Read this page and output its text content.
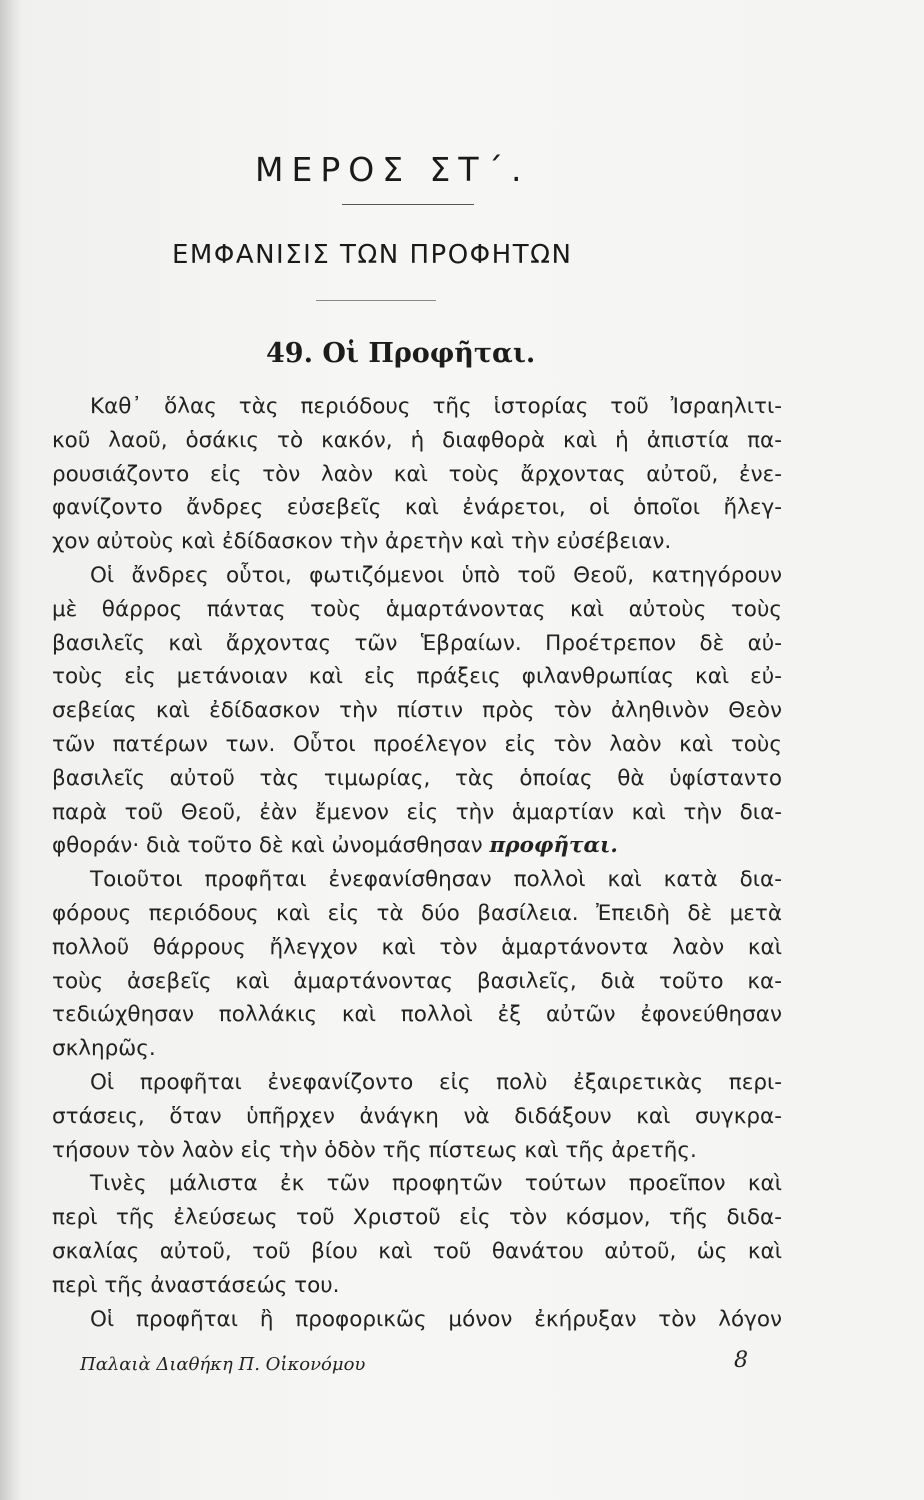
ΜΕΡΟΣ ΣΤ΄.
ΕΜΦΑΝΙΣΙΣ ΤΩΝ ΠΡΟΦΗΤΩΝ
49. Οἱ Προφῆται.
Καθ᾿ ὅλας τὰς περιόδους τῆς ἱστορίας τοῦ Ἰσραηλιτι-
κοῦ λαοῦ, ὁσάκις τὸ κακόν, ἡ διαφθορὰ καὶ ἡ ἀπιστία πα-
ρουσιάζοντο εἰς τὸν λαὸν καὶ τοὺς ἄρχοντας αὐτοῦ, ἐνε-
φανίζοντο ἄνδρες εὐσεβεῖς καὶ ἐνάρετοι, οἱ ὁποῖοι ἤλεγ-
χον αὐτοὺς καὶ ἐδίδασκον τὴν ἀρετὴν καὶ τὴν εὐσέβειαν.
Οἱ ἄνδρες οὗτοι, φωτιζόμενοι ὑπὸ τοῦ Θεοῦ, κατηγόρουν
μὲ θάρρος πάντας τοὺς ἁμαρτάνοντας καὶ αὐτοὺς τοὺς
βασιλεῖς καὶ ἄρχοντας τῶν Ἑβραίων. Προέτρεπον δὲ αὐ-
τοὺς εἰς μετάνοιαν καὶ εἰς πράξεις φιλανθρωπίας καὶ εὐ-
σεβείας καὶ ἐδίδασκον τὴν πίστιν πρὸς τὸν ἀληθινὸν Θεὸν
τῶν πατέρων των. Οὗτοι προέλεγον εἰς τὸν λαὸν καὶ τοὺς
βασιλεῖς αὐτοῦ τὰς τιμωρίας, τὰς ὁποίας θὰ ὑφίσταντο
παρὰ τοῦ Θεοῦ, ἐὰν ἔμενον εἰς τὴν ἁμαρτίαν καὶ τὴν δια-
φθοράν· διὰ τοῦτο δὲ καὶ ὠνομάσθησαν προφῆται.
Τοιοῦτοι προφῆται ἐνεφανίσθησαν πολλοὶ καὶ κατὰ δια-
φόρους περιόδους καὶ εἰς τὰ δύο βασίλεια. Ἐπειδὴ δὲ μετὰ
πολλοῦ θάρρους ἤλεγχον καὶ τὸν ἁμαρτάνοντα λαὸν καὶ
τοὺς ἀσεβεῖς καὶ ἁμαρτάνοντας βασιλεῖς, διὰ τοῦτο κα-
τεδιώχθησαν πολλάκις καὶ πολλοὶ ἐξ αὐτῶν ἐφονεύθησαν
σκληρῶς.
Οἱ προφῆται ἐνεφανίζοντο εἰς πολὺ ἐξαιρετικὰς περι-
στάσεις, ὅταν ὑπῆρχεν ἀνάγκη νὰ διδάξουν καὶ συγκρα-
τήσουν τὸν λαὸν εἰς τὴν ὁδὸν τῆς πίστεως καὶ τῆς ἀρετῆς.
Τινὲς μάλιστα ἐκ τῶν προφητῶν τούτων προεῖπον καὶ
περὶ τῆς ἐλεύσεως τοῦ Χριστοῦ εἰς τὸν κόσμον, τῆς διδα-
σκαλίας αὐτοῦ, τοῦ βίου καὶ τοῦ θανάτου αὐτοῦ, ὡς καὶ
περὶ τῆς ἀναστάσεώς του.
Οἱ προφῆται ἢ προφορικῶς μόνον ἐκήρυξαν τὸν λόγον
Παλαιὰ Διαθήκη Π. Οἰκονόμου	8
